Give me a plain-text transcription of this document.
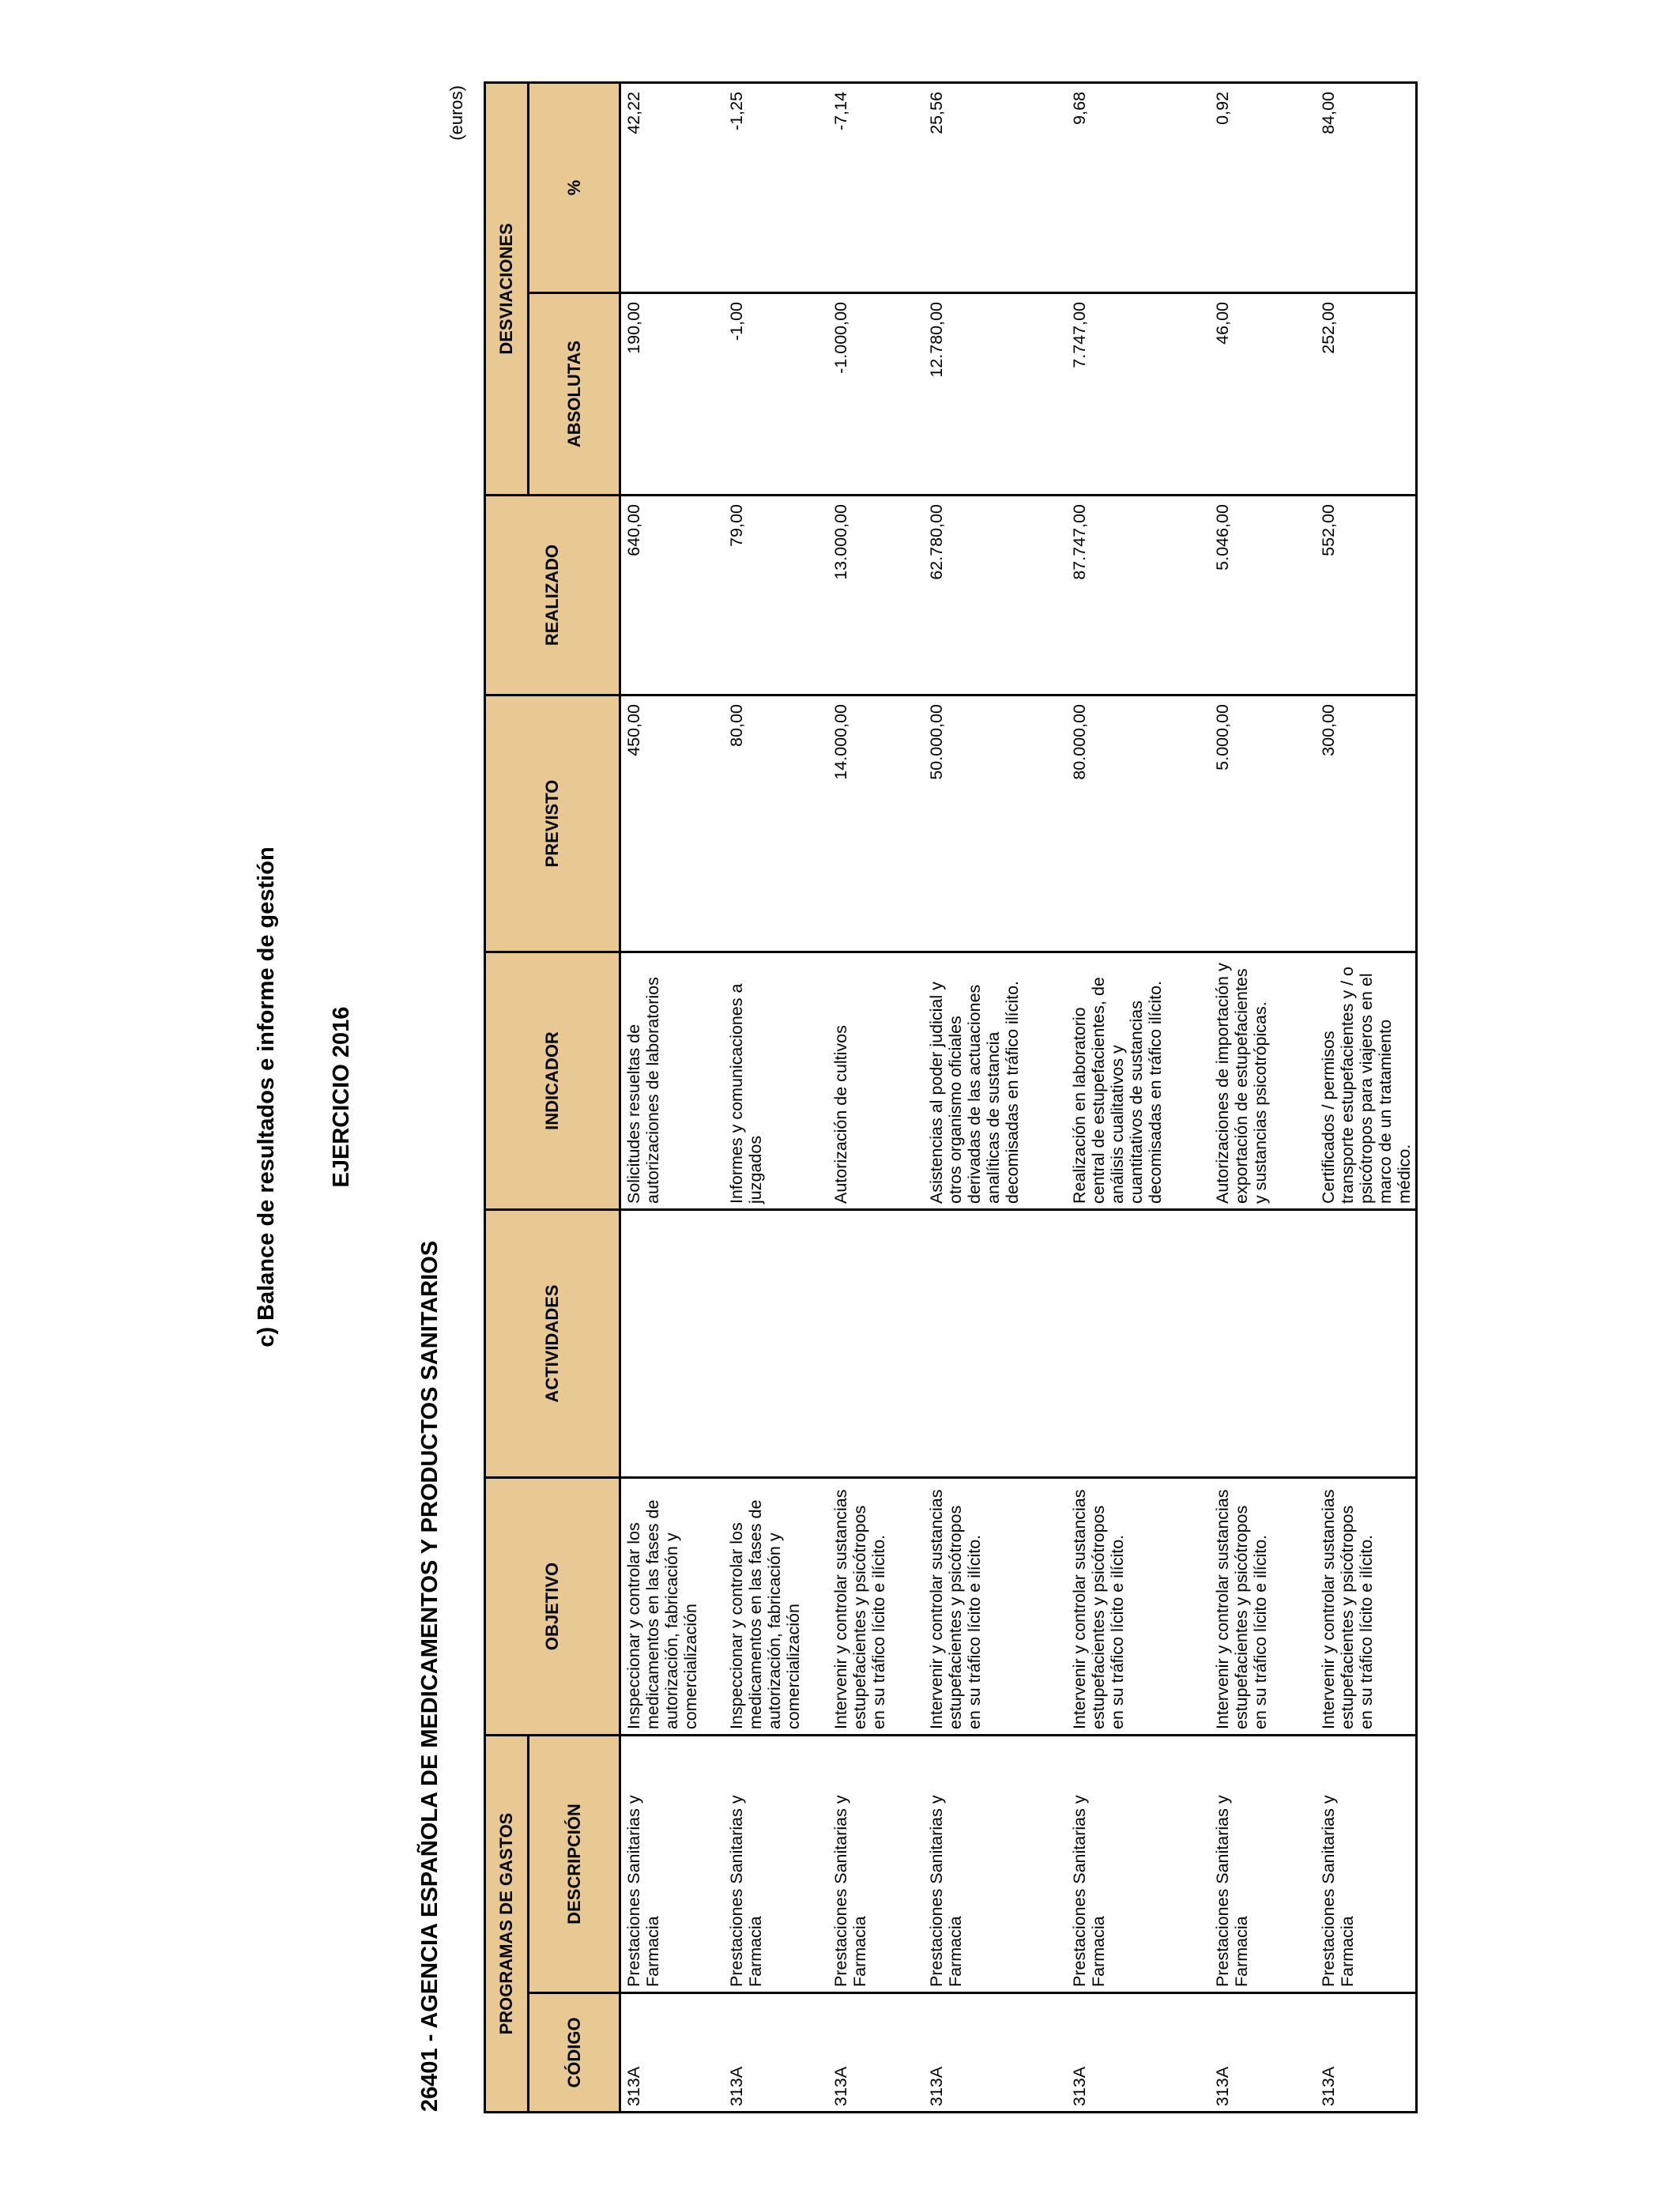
c) Balance de resultados e informe de gestión EJERCICIO 2016
26401 - AGENCIA ESPAÑOLA DE MEDICAMENTOS Y PRODUCTOS SANITARIOS
(euros)
PROGRAMAS DE GASTOS		OBJETIVO	ACTIVIDADES	INDICADOR	PREVISTO	REALIZADO	DESVIACIONES	
CÓDIGO	DESCRIPCIÓN						ABSOLUTAS	%
313A	Prestaciones Sanitarias y Farmacia	Inspeccionar y controlar los medicamentos en las fases de autorización, fabricación y comercialización		Solicitudes resueltas de autorizaciones de laboratorios	450,00	640,00	190,00	42,22
313A	Prestaciones Sanitarias y Farmacia	Inspeccionar y controlar los medicamentos en las fases de autorización, fabricación y comercialización		Informes y comunicaciones a juzgados	80,00	79,00	-1,00	-1,25
313A	Prestaciones Sanitarias y Farmacia	Intervenir y controlar sustancias estupefacientes y psicótropos en su tráfico lícito e ilícito.		Autorización de cultivos	14.000,00	13.000,00	-1.000,00	-7,14
313A	Prestaciones Sanitarias y Farmacia	Intervenir y controlar sustancias estupefacientes y psicótropos en su tráfico lícito e ilícito.		Asistencias al poder judicial y otros organismo oficiales derivadas de las actuaciones analíticas de sustancia decomisadas en tráfico ilícito.	50.000,00	62.780,00	12.780,00	25,56
313A	Prestaciones Sanitarias y Farmacia	Intervenir y controlar sustancias estupefacientes y psicótropos en su tráfico lícito e ilícito.		Realización en laboratorio central de estupefacientes, de análisis cualitativos y cuantitativos de sustancias decomisadas en tráfico ilícito.	80.000,00	87.747,00	7.747,00	9,68
313A	Prestaciones Sanitarias y Farmacia	Intervenir y controlar sustancias estupefacientes y psicótropos en su tráfico lícito e ilícito.		Autorizaciones de importación y exportación de estupefacientes y sustancias psicotrópicas.	5.000,00	5.046,00	46,00	0,92
313A	Prestaciones Sanitarias y Farmacia	Intervenir y controlar sustancias estupefacientes y psicótropos en su tráfico lícito e ilícito.		Certificados / permisos transporte estupefacientes y / o psicótropos para viajeros en el marco de un tratamiento médico.	300,00	552,00	252,00	84,00
